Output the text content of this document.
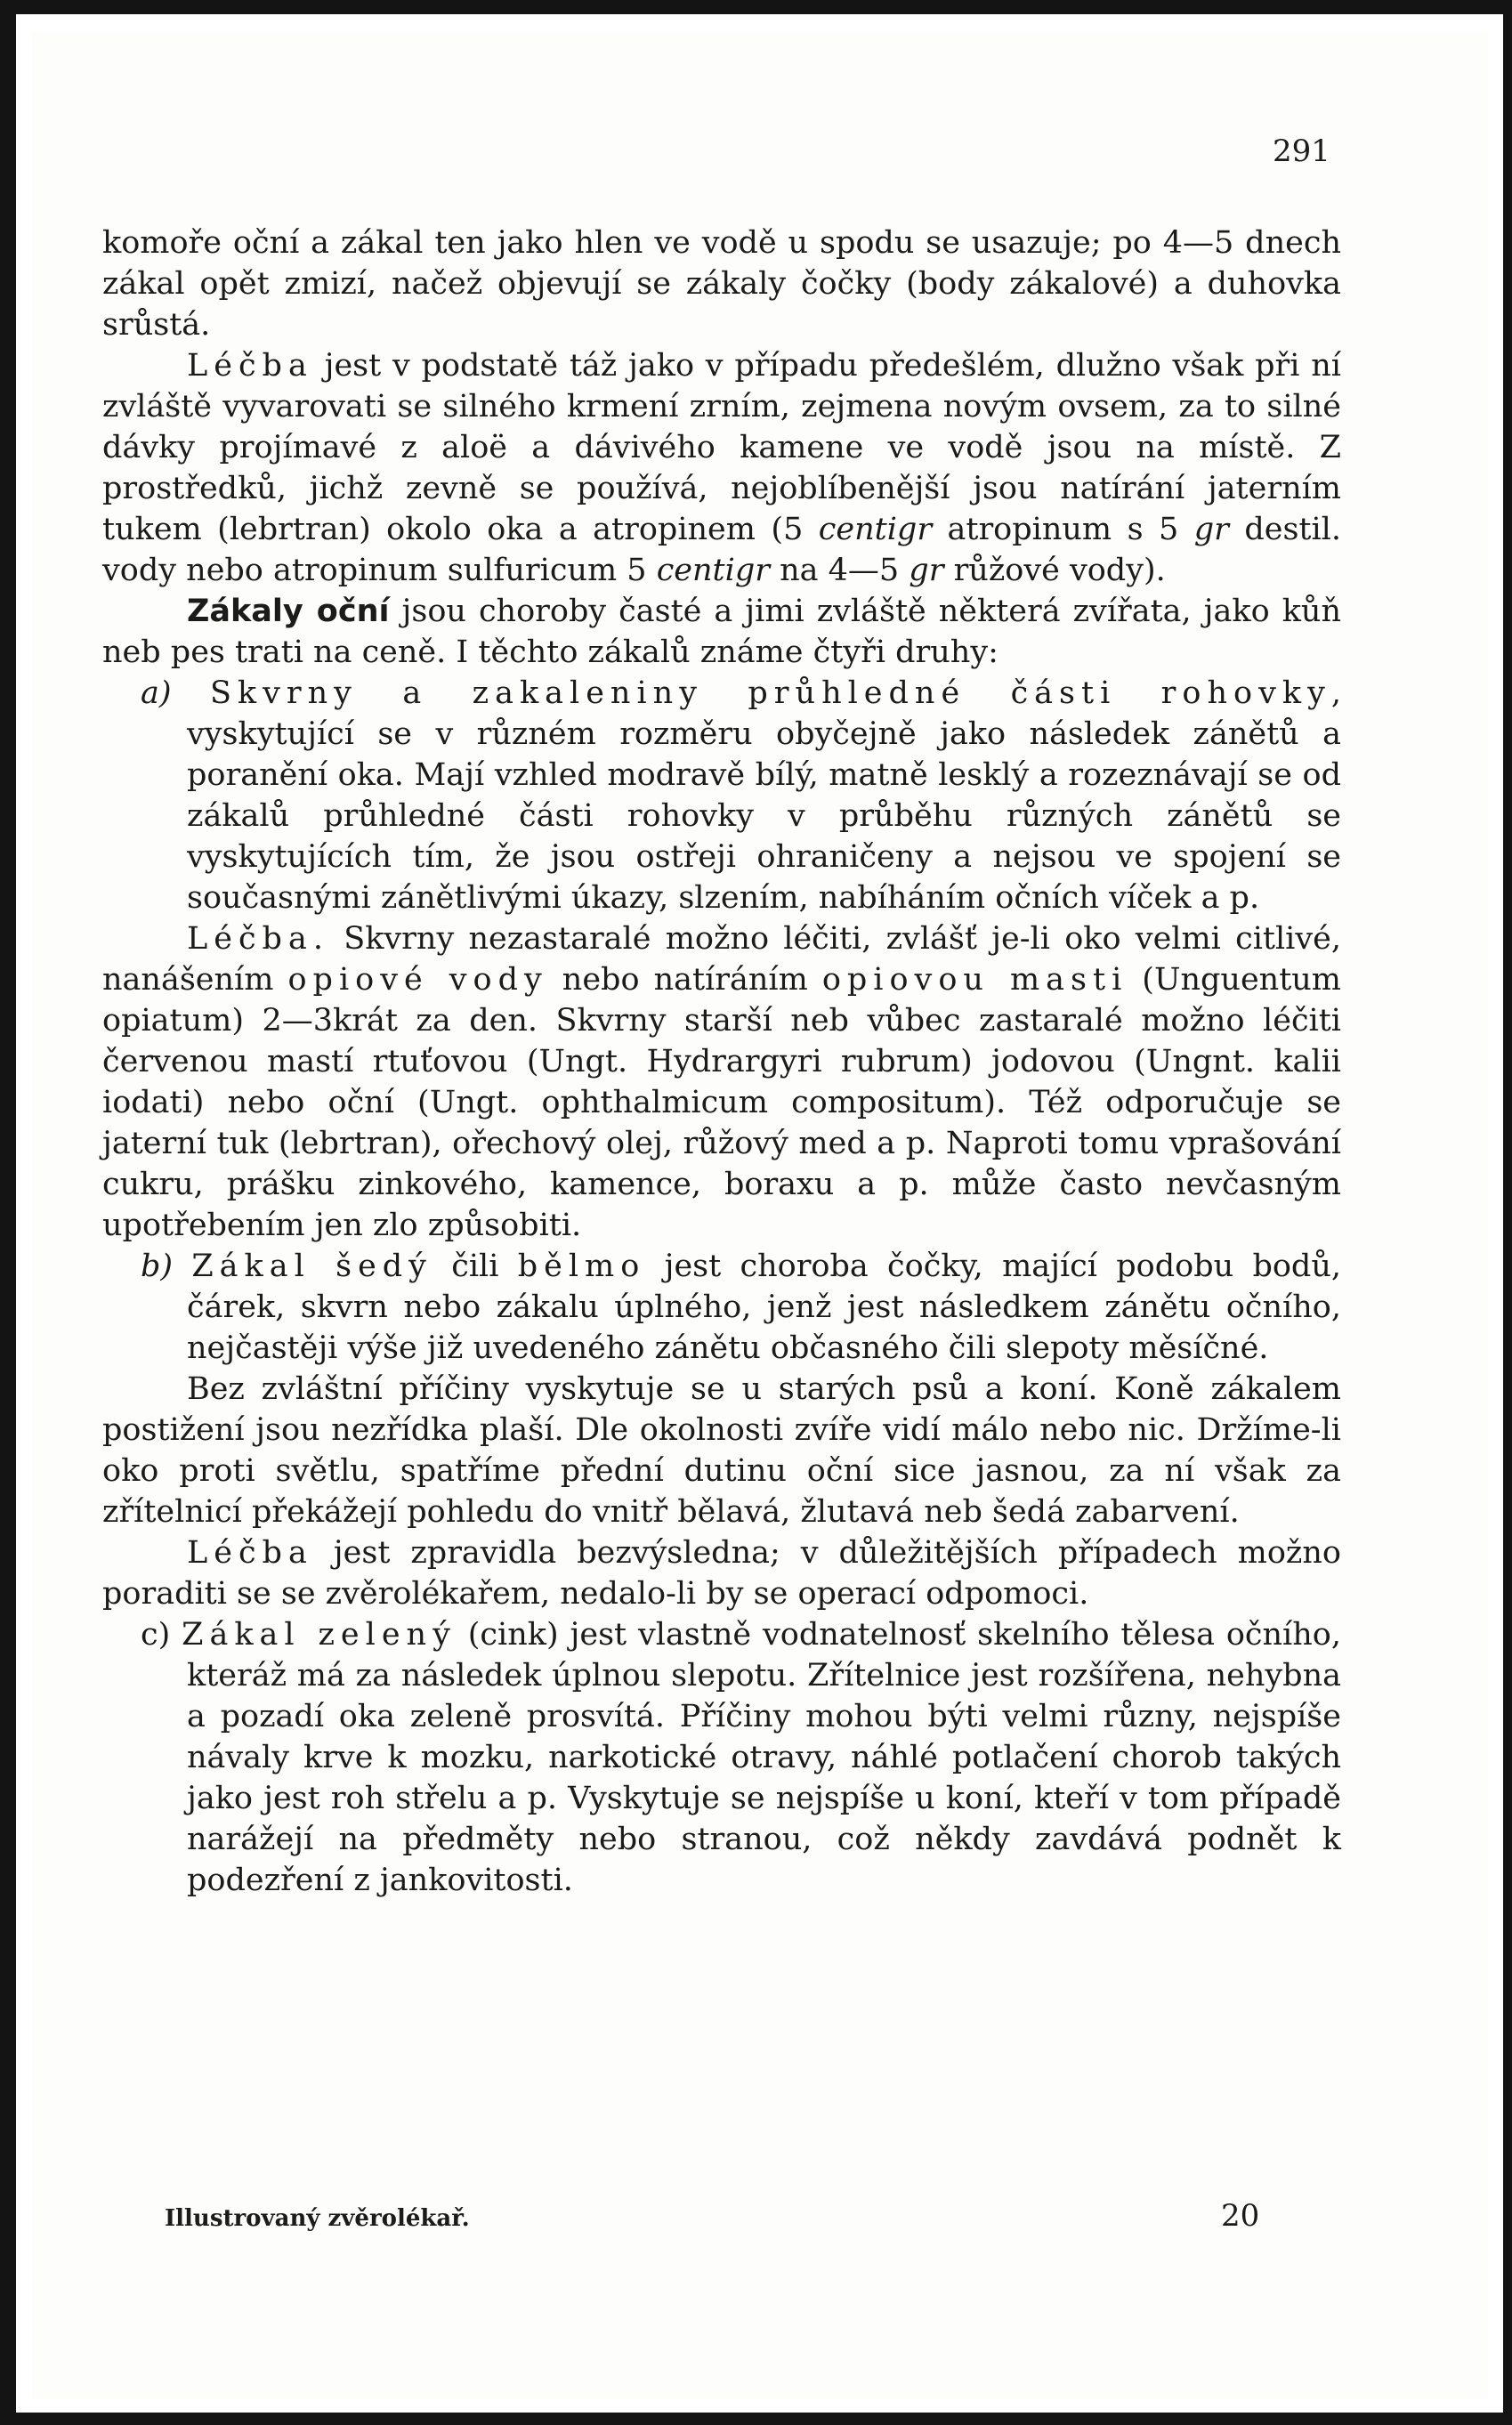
291

komoře oční a zákal ten jako hlen ve vodě u spodu se usazuje; po 4—5 dnech zákal opět zmizí, načež objevují se zákaly čočky (body zákalové) a duhovka srůstá.

Léčba jest v podstatě táž jako v případu předešlém, dlužno však při ní zvláště vyvarovati se silného krmení zrním, zejmena novým ovsem, za to silné dávky projímavé z aloë a dávivého kamene ve vodě jsou na místě. Z prostředků, jichž zevně se používá, nejoblíbenější jsou natírání jaterním tukem (lebrtran) okolo oka a atropinem (5 centigr atropinum s 5 gr destil. vody nebo atropinum sulfuricum 5 centigr na 4—5 gr růžové vody).

Zákaly oční jsou choroby časté a jimi zvláště některá zvířata, jako kůň neb pes trati na ceně. I těchto zákalů známe čtyři druhy:

a) Skvrny a zakaleniny průhledné části rohovky, vyskytující se v různém rozměru obyčejně jako následek zánětů a poranění oka. Mají vzhled modravě bílý, matně lesklý a rozeznávají se od zákalů průhledné části rohovky v průběhu různých zánětů se vyskytujících tím, že jsou ostřeji ohraničeny a nejsou ve spojení se současnými zánětlivými úkazy, slzením, nabíháním očních víček a p.

Léčba. Skvrny nezastaralé možno léčiti, zvlášť je-li oko velmi citlivé, nanášením opiové vody nebo natíráním opiovou masti (Unguentum opiatum) 2—3krát za den. Skvrny starší neb vůbec zastaralé možno léčiti červenou mastí rtuťovou (Ungt. Hydrargyri rubrum) jodovou (Ungnt. kalii iodati) nebo oční (Ungt. ophthalmicum compositum). Též odporučuje se jaterní tuk (lebrtran), ořechový olej, růžový med a p. Naproti tomu vprašování cukru, prášku zinkového, kamence, boraxu a p. může často nevčasným upotřebením jen zlo způsobiti.

b) Zákal šedý čili bělmo jest choroba čočky, mající podobu bodů, čárek, skvrn nebo zákalu úplného, jenž jest následkem zánětu očního, nejčastěji výše již uvedeného zánětu občasného čili slepoty měsíčné.

Bez zvláštní příčiny vyskytuje se u starých psů a koní. Koně zákalem postižení jsou nezřídka plaší. Dle okolnosti zvíře vidí málo nebo nic. Držíme-li oko proti světlu, spatříme přední dutinu oční sice jasnou, za ní však za zřítelnicí překážejí pohledu do vnitř bělavá, žlutavá neb šedá zabarvení.

Léčba jest zpravidla bezvýsledna; v důležitějších případech možno poraditi se se zvěrolékařem, nedalo-li by se operací odpomoci.

c) Zákal zelený (cink) jest vlastně vodnatelnosť skelního tělesa očního, kteráž má za následek úplnou slepotu. Zřítelnice jest rozšířena, nehybna a pozadí oka zeleně prosvítá. Příčiny mohou býti velmi různy, nejspíše návaly krve k mozku, narkotické otravy, náhlé potlačení chorob takých jako jest roh střelu a p. Vyskytuje se nejspíše u koní, kteří v tom případě narážejí na předměty nebo stranou, což někdy zavdává podnět k podezření z jankovitosti.

Illustrovaný zvěrolékař.	20
